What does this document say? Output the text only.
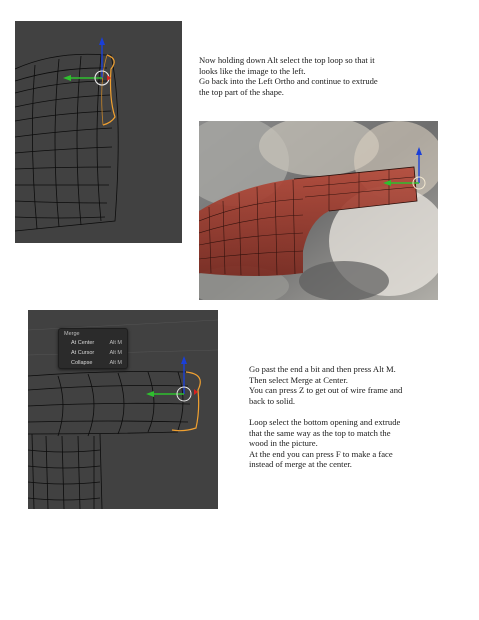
Now holding down Alt select the top loop so that it

looks like the image to the left.

Go back into the Left Ortho and continue to extrude

the top part of the shape.

Merge
At Center	Alt M
At Cursor	Alt M
Collapse	Alt M

Go past the end a bit and then press Alt M.

Then select Merge at Center.

You can press Z to get out of wire frame and

back to solid.

Loop select the bottom opening and extrude

that the same way as the top to match the

wood in the picture.

At the end you can press F to make a face

instead of merge at the center.
